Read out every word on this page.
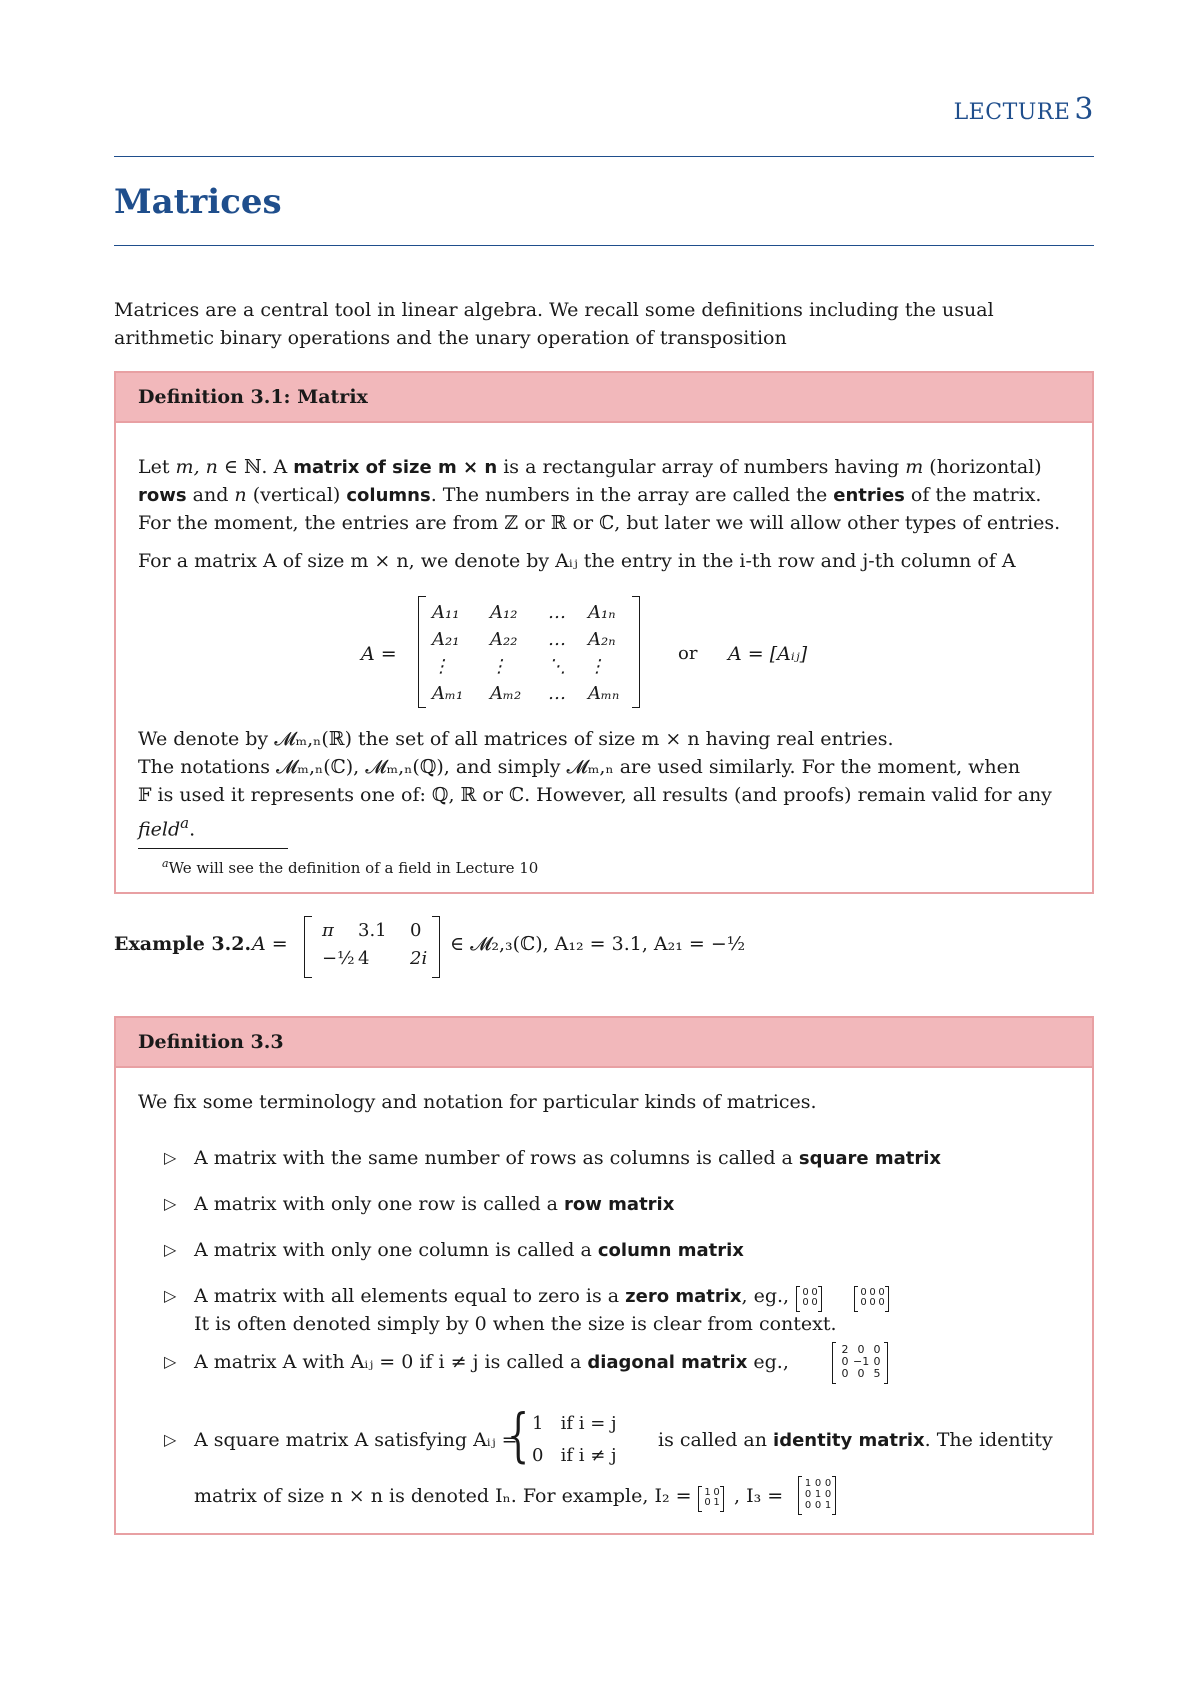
LECTURE 3
Matrices
Matrices are a central tool in linear algebra. We recall some definitions including the usual arithmetic binary operations and the unary operation of transposition
Definition 3.1: Matrix
Let m, n ∈ ℕ. A matrix of size m × n is a rectangular array of numbers having m (horizontal)
rows and n (vertical) columns. The numbers in the array are called the entries of the matrix.
For the moment, the entries are from ℤ or ℝ or ℂ, but later we will allow other types of entries.
For a matrix A of size m × n, we denote by Aᵢⱼ the entry in the i-th row and j-th column of A
A =
A₁₁ A₁₂ … A₁ₙ
A₂₁ A₂₂ … A₂ₙ
⋮ ⋮ ⋱ ⋮
Aₘ₁ Aₘ₂ … Aₘₙ
or A = [Aᵢⱼ]
We denote by 𝓜ₘ,ₙ(ℝ) the set of all matrices of size m × n having real entries.
The notations 𝓜ₘ,ₙ(ℂ), 𝓜ₘ,ₙ(ℚ), and simply 𝓜ₘ,ₙ are used similarly. For the moment, when
𝔽 is used it represents one of: ℚ, ℝ or ℂ. However, all results (and proofs) remain valid for any
field$^a$.
$^a$We will see the definition of a field in Lecture 10
Example 3.2. A =
π 3.1 0
−½ 4 2i
∈ 𝓜₂,₃(ℂ), A₁₂ = 3.1, A₂₁ = −½
Definition 3.3
We fix some terminology and notation for particular kinds of matrices.
▷ A matrix with the same number of rows as columns is called a square matrix
▷ A matrix with only one row is called a row matrix
▷ A matrix with only one column is called a column matrix
▷ A matrix with all elements equal to zero is a zero matrix, eg.,
It is often denoted simply by 0 when the size is clear from context.
0 0
0 0
0 0 0
0 0 0
▷ A matrix A with Aᵢⱼ = 0 if i ≠ j is called a diagonal matrix eg.,
2 0 0
0 −1 0
0 0 5
▷ A square matrix A satisfying Aᵢⱼ =
{ 1   if i = j
0   if i ≠ j
is called an identity matrix. The identity
matrix of size n × n is denoted Iₙ. For example, I₂ = 1 0
0 1 , I₃ =
1 0 0
0 1 0
0 0 1
